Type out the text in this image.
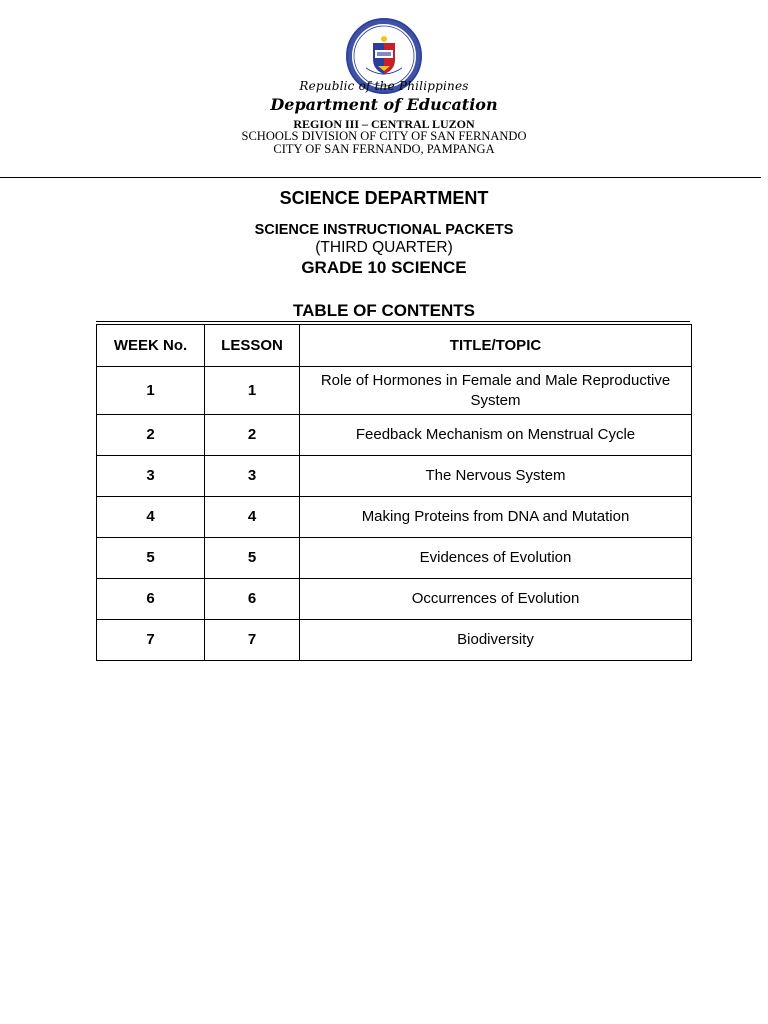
Republic of the Philippines
Department of Education
REGION III – CENTRAL LUZON
SCHOOLS DIVISION OF CITY OF SAN FERNANDO
CITY OF SAN FERNANDO, PAMPANGA
SCIENCE DEPARTMENT
SCIENCE INSTRUCTIONAL PACKETS
(THIRD QUARTER)
GRADE 10 SCIENCE
TABLE OF CONTENTS
WEEK No.	LESSON	TITLE/TOPIC
1	1	Role of Hormones in Female and Male Reproductive System
2	2	Feedback Mechanism on Menstrual Cycle
3	3	The Nervous System
4	4	Making Proteins from DNA and Mutation
5	5	Evidences of Evolution
6	6	Occurrences of Evolution
7	7	Biodiversity
